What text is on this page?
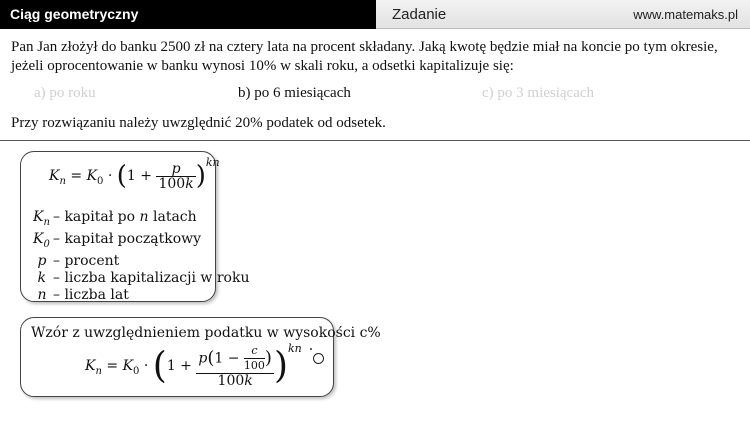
Ciąg geometryczny	Zadanie	www.matemaks.pl
Pan Jan złożył do banku 2500 zł na cztery lata na procent składany. Jaką kwotę będzie miał na koncie po tym okresie, jeżeli oprocentowanie w banku wynosi 10% w skali roku, a odsetki kapitalizuje się:
a) po roku	b) po 6 miesiącach	c) po 3 miesiącach
Przy rozwiązaniu należy uwzględnić 20% podatek od odsetek.
$K_n = K_0 \cdot (1 + \frac{p}{100k} )^{kn}$
$K_n$ – kapitał po n latach
$K_0$ – kapitał początkowy
p – procent
k – liczba kapitalizacji w roku
n – liczba lat
Wzór z uwzględnieniem podatku w wysokości c%
$K_n = K_0 \cdot (1 + \frac{p(1 - \frac{c}{100} )}{100k} )^{kn}$
